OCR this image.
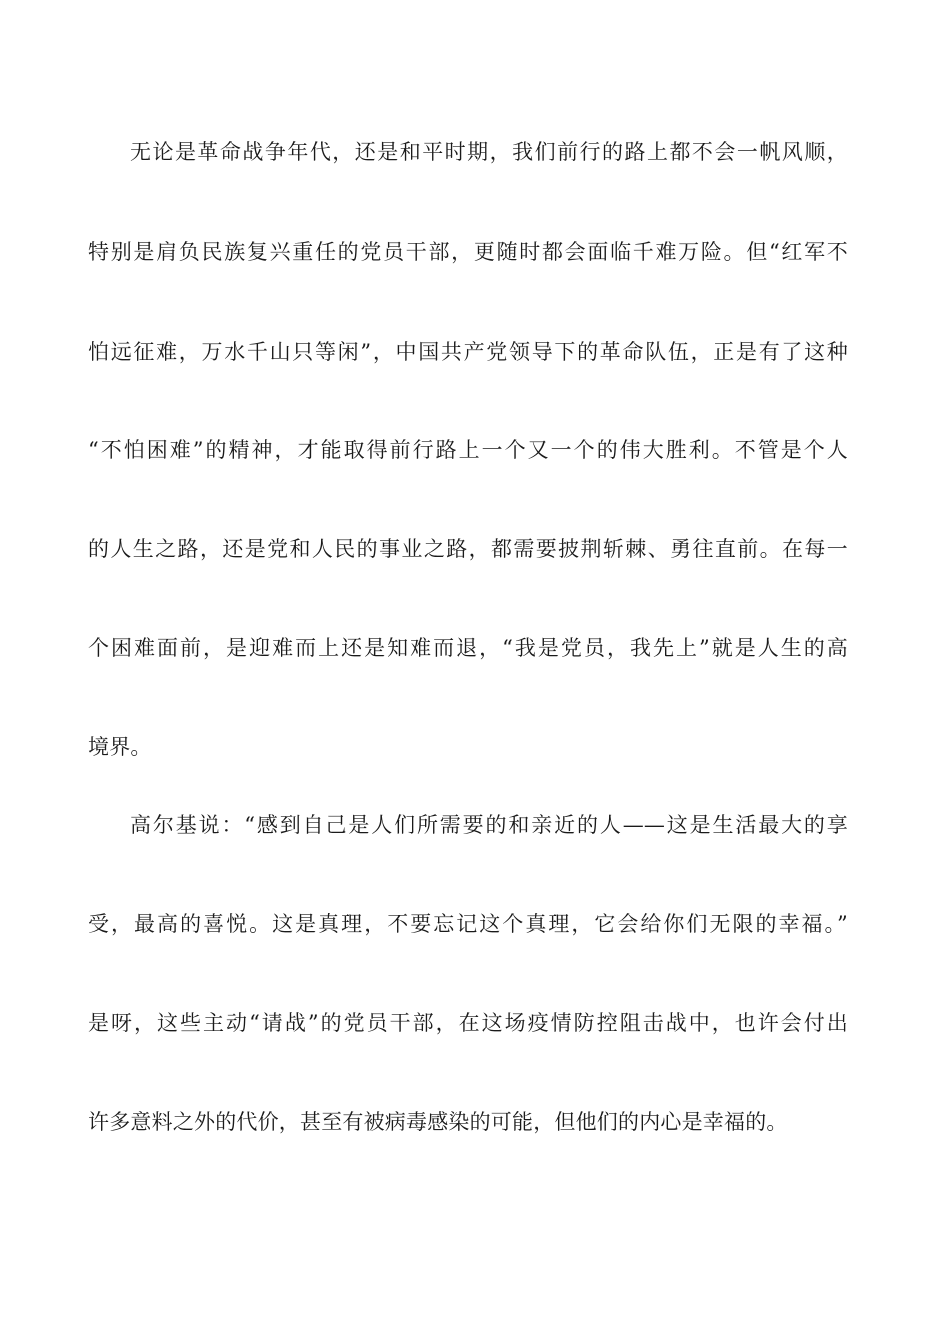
无论是革命战争年代，还是和平时期，我们前行的路上都不会一帆风顺，
特别是肩负民族复兴重任的党员干部，更随时都会面临千难万险。但“红军不
怕远征难，万水千山只等闲”，中国共产党领导下的革命队伍，正是有了这种
“不怕困难”的精神，才能取得前行路上一个又一个的伟大胜利。不管是个人
的人生之路，还是党和人民的事业之路，都需要披荆斩棘、勇往直前。在每一
个困难面前，是迎难而上还是知难而退，“我是党员，我先上”就是人生的高
境界。
高尔基说：“感到自己是人们所需要的和亲近的人——这是生活最大的享
受，最高的喜悦。这是真理，不要忘记这个真理，它会给你们无限的幸福。”
是呀，这些主动“请战”的党员干部，在这场疫情防控阻击战中，也许会付出
许多意料之外的代价，甚至有被病毒感染的可能，但他们的内心是幸福的。
